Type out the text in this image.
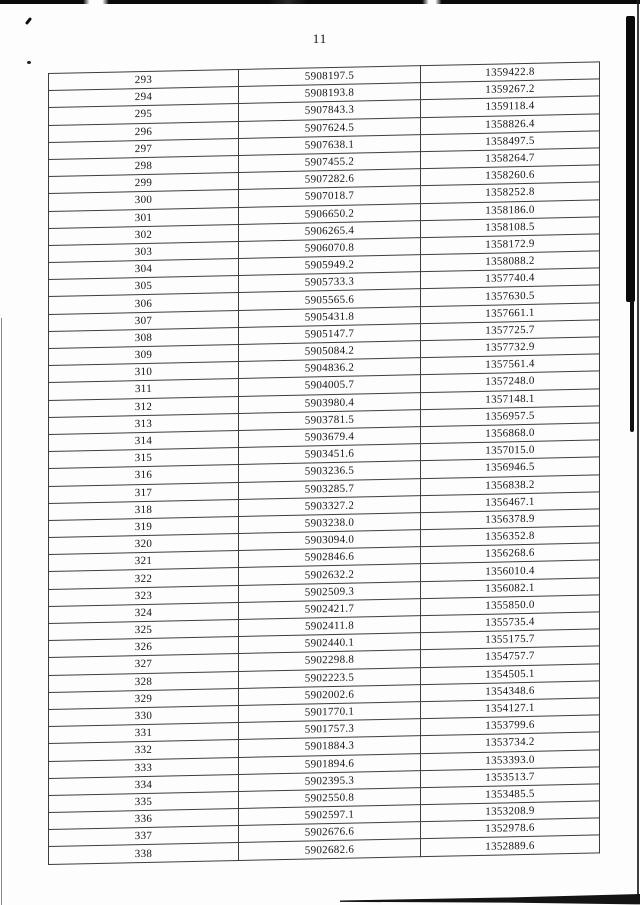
11
293	5908197.5	1359422.8
294	5908193.8	1359267.2
295	5907843.3	1359118.4
296	5907624.5	1358826.4
297	5907638.1	1358497.5
298	5907455.2	1358264.7
299	5907282.6	1358260.6
300	5907018.7	1358252.8
301	5906650.2	1358186.0
302	5906265.4	1358108.5
303	5906070.8	1358172.9
304	5905949.2	1358088.2
305	5905733.3	1357740.4
306	5905565.6	1357630.5
307	5905431.8	1357661.1
308	5905147.7	1357725.7
309	5905084.2	1357732.9
310	5904836.2	1357561.4
311	5904005.7	1357248.0
312	5903980.4	1357148.1
313	5903781.5	1356957.5
314	5903679.4	1356868.0
315	5903451.6	1357015.0
316	5903236.5	1356946.5
317	5903285.7	1356838.2
318	5903327.2	1356467.1
319	5903238.0	1356378.9
320	5903094.0	1356352.8
321	5902846.6	1356268.6
322	5902632.2	1356010.4
323	5902509.3	1356082.1
324	5902421.7	1355850.0
325	5902411.8	1355735.4
326	5902440.1	1355175.7
327	5902298.8	1354757.7
328	5902223.5	1354505.1
329	5902002.6	1354348.6
330	5901770.1	1354127.1
331	5901757.3	1353799.6
332	5901884.3	1353734.2
333	5901894.6	1353393.0
334	5902395.3	1353513.7
335	5902550.8	1353485.5
336	5902597.1	1353208.9
337	5902676.6	1352978.6
338	5902682.6	1352889.6
